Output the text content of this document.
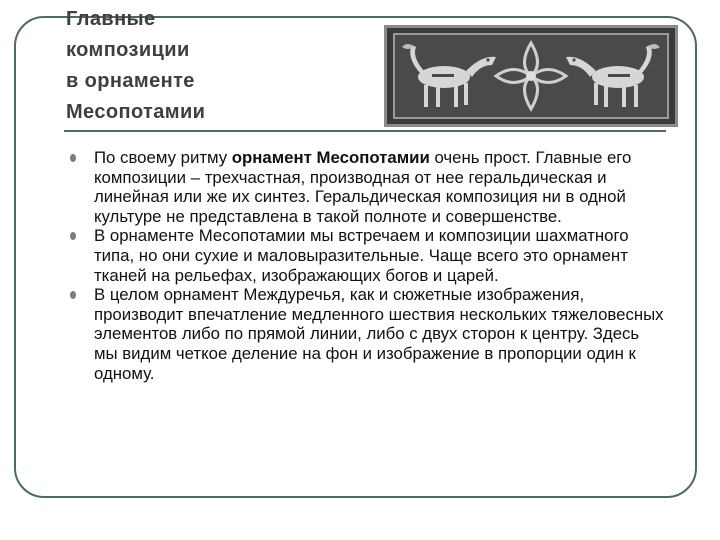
Главные
композиции
в орнаменте
Месопотамии
По своему ритму орнамент Месопотамии очень прост. Главные его композиции – трехчастная, производная от нее геральдическая и линейная или же их синтез. Геральдическая композиция ни в одной культуре не представлена в такой полноте и совершенстве.
В орнаменте Месопотамии мы встречаем и композиции шахматного типа, но они сухие и маловыразительные. Чаще всего это орнамент тканей на рельефах, изображающих богов и царей.
В целом орнамент Междуречья, как и сюжетные изображения, производит впечатление медленного шествия нескольких тяжеловесных элементов либо по прямой линии, либо с двух сторон к центру. Здесь мы видим четкое деление на фон и изображение в пропорции один к одному.
